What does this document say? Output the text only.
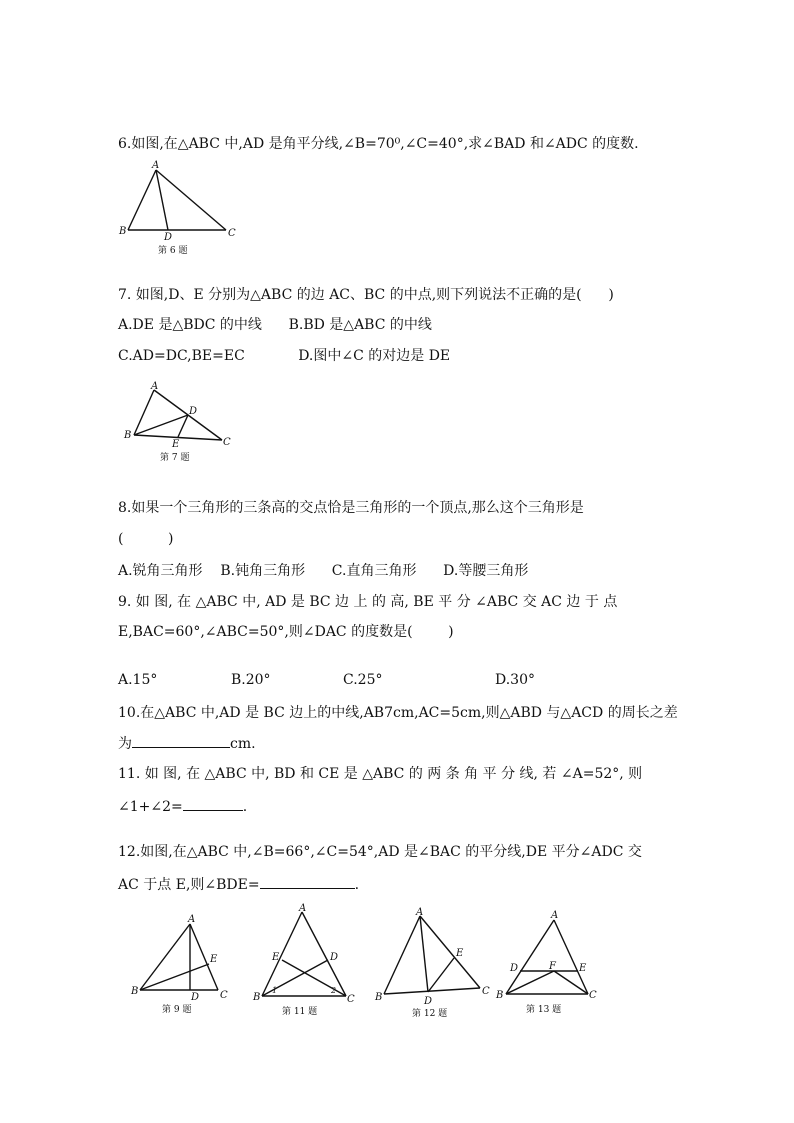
6.如图,在△ABC 中,AD 是角平分线,∠B=70⁰,∠C=40°,求∠BAD 和∠ADC 的度数.
A
B	C
D
第 6 题
7. 如图,D、E 分别为△ABC 的边 AC、BC 的中点,则下列说法不正确的是(      )
A.DE 是△BDC 的中线      B.BD 是△ABC 的中线
C.AD=DC,BE=EC            D.图中∠C 的对边是 DE
A
B
C
D
E
第 7 题
8.如果一个三角形的三条高的交点恰是三角形的一个顶点,那么这个三角形是
(          )
A.锐角三角形    B.钝角三角形      C.直角三角形      D.等腰三角形
9. 如 图, 在 △ABC 中, AD 是 BC 边 上 的 高, BE 平 分 ∠ABC 交 AC 边 于 点
E,BAC=60°,∠ABC=50°,则∠DAC 的度数是(        )
A.15°	B.20°	C.25°	D.30°
10.在△ABC 中,AD 是 BC 边上的中线,AB7cm,AC=5cm,则△ABD 与△ACD 的周长之差
为	cm.
11. 如 图, 在 △ABC 中, BD 和 CE 是 △ABC 的 两 条 角 平 分 线, 若 ∠A=52°, 则
∠1+∠2=	.
12.如图,在△ABC 中,∠B=66°,∠C=54°,AD 是∠BAC 的平分线,DE 平分∠ADC 交
AC 于点 E,则∠BDE=	.
A
B	C
D
E
第 9 题
A
B	C
D
E
1	2
第 11 题
A
B
C
D
E
第 12 题
A
B	C
D	E
F
第 13 题
